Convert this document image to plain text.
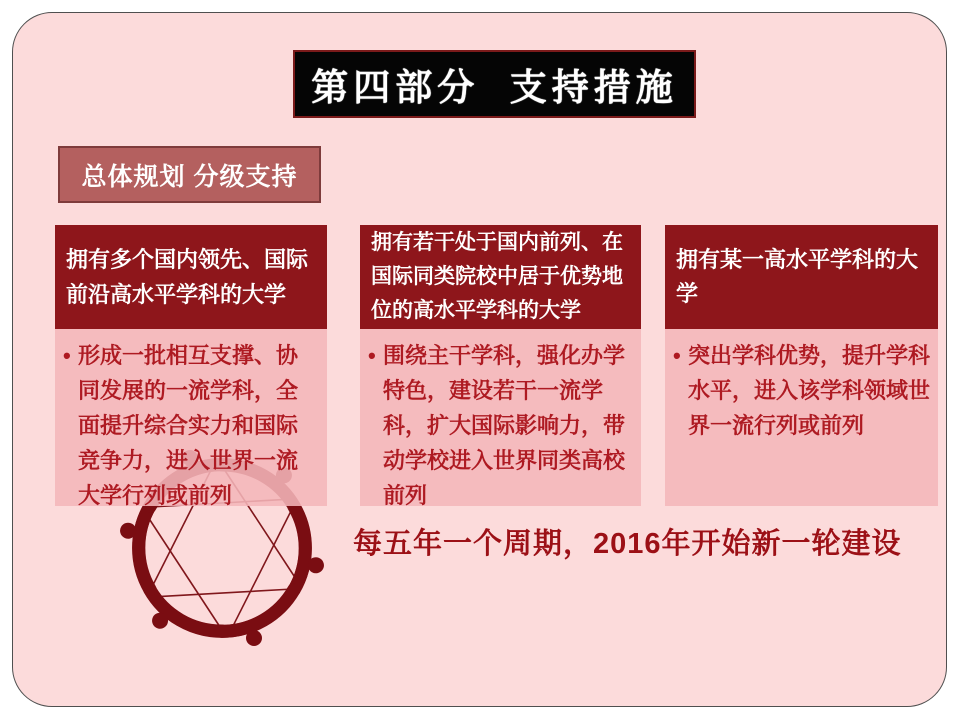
第四部分  支持措施
总体规划 分级支持
拥有多个国内领先、国际前沿高水平学科的大学
• 形成一批相互支撑、协同发展的一流学科，全面提升综合实力和国际竞争力，进入世界一流大学行列或前列
拥有若干处于国内前列、在国际同类院校中居于优势地位的高水平学科的大学
• 围绕主干学科，强化办学特色，建设若干一流学科，扩大国际影响力，带动学校进入世界同类高校前列
拥有某一高水平学科的大学
• 突出学科优势，提升学科水平，进入该学科领域世界一流行列或前列
每五年一个周期，2016年开始新一轮建设
